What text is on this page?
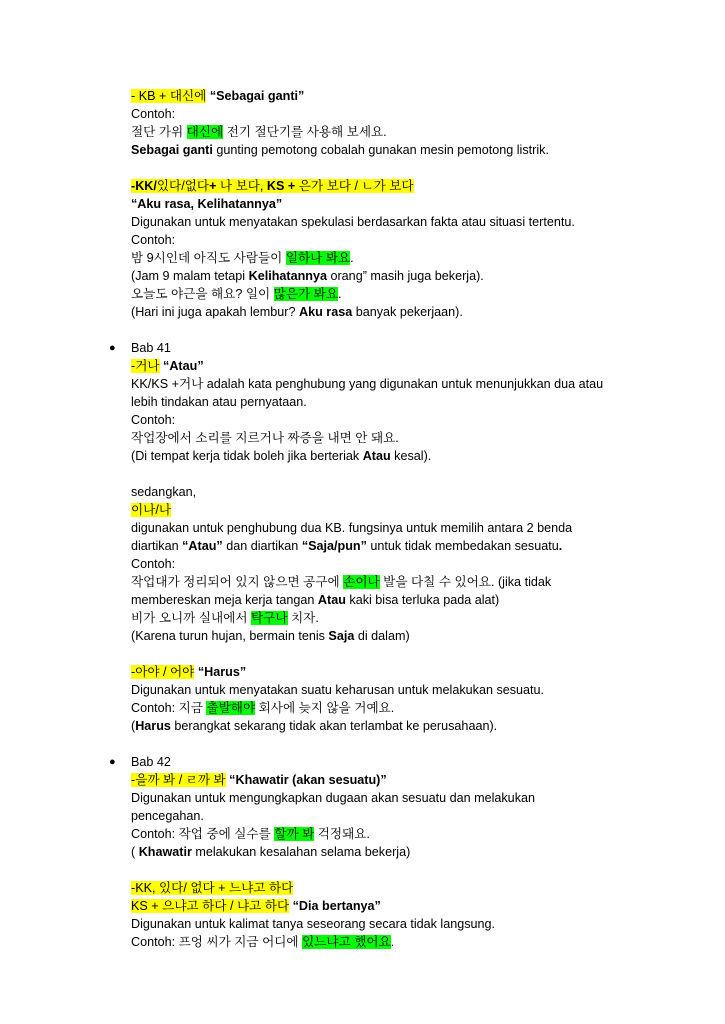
- KB + 대신에 “Sebagai ganti”
Contoh:
절단 가위 대신에 전기 절단기를 사용해 보세요.
Sebagai ganti gunting pemotong cobalah gunakan mesin pemotong listrik.
-KK/있다/없다+ 나 보다, KS + 은가 보다 / ㄴ가 보다
“Aku rasa, Kelihatannya”
Digunakan untuk menyatakan spekulasi berdasarkan fakta atau situasi tertentu.
Contoh:
밤 9시인데 아직도 사람들이 일하나 봐요.
(Jam 9 malam tetapi Kelihatannya orang” masih juga bekerja).
오늘도 야근을 해요? 일이 많은가 봐요.
(Hari ini juga apakah lembur? Aku rasa banyak pekerjaan).
● Bab 41
-거나 “Atau”
KK/KS +거나 adalah kata penghubung yang digunakan untuk menunjukkan dua atau
lebih tindakan atau pernyataan.
Contoh:
작업장에서 소리를 지르거나 짜증을 내면 안 돼요.
(Di tempat kerja tidak boleh jika berteriak Atau kesal).
sedangkan,
이나/나
digunakan untuk penghubung dua KB. fungsinya untuk memilih antara 2 benda
diartikan “Atau” dan diartikan “Saja/pun” untuk tidak membedakan sesuatu.
Contoh:
작업대가 정리되어 있지 않으면 공구에 손이나 발을 다칠 수 있어요. (jika tidak
membereskan meja kerja tangan Atau kaki bisa terluka pada alat)
비가 오니까 실내에서 탁구나 치자.
(Karena turun hujan, bermain tenis Saja di dalam)
-아야 / 어야 “Harus”
Digunakan untuk menyatakan suatu keharusan untuk melakukan sesuatu.
Contoh: 지금 출발해야 회사에 늦지 않을 거예요.
(Harus berangkat sekarang tidak akan terlambat ke perusahaan).
● Bab 42
-을까 봐 / ㄹ까 봐 “Khawatir (akan sesuatu)”
Digunakan untuk mengungkapkan dugaan akan sesuatu dan melakukan
pencegahan.
Contoh: 작업 중에 실수를 할까 봐 걱정돼요.
( Khawatir melakukan kesalahan selama bekerja)
-KK, 있다/ 없다 + 느냐고 하다
KS + 으냐고 하다 / 냐고 하다 “Dia bertanya”
Digunakan untuk kalimat tanya seseorang secara tidak langsung.
Contoh: 프엉 씨가 지금 어디에 있느냐고 했어요.
